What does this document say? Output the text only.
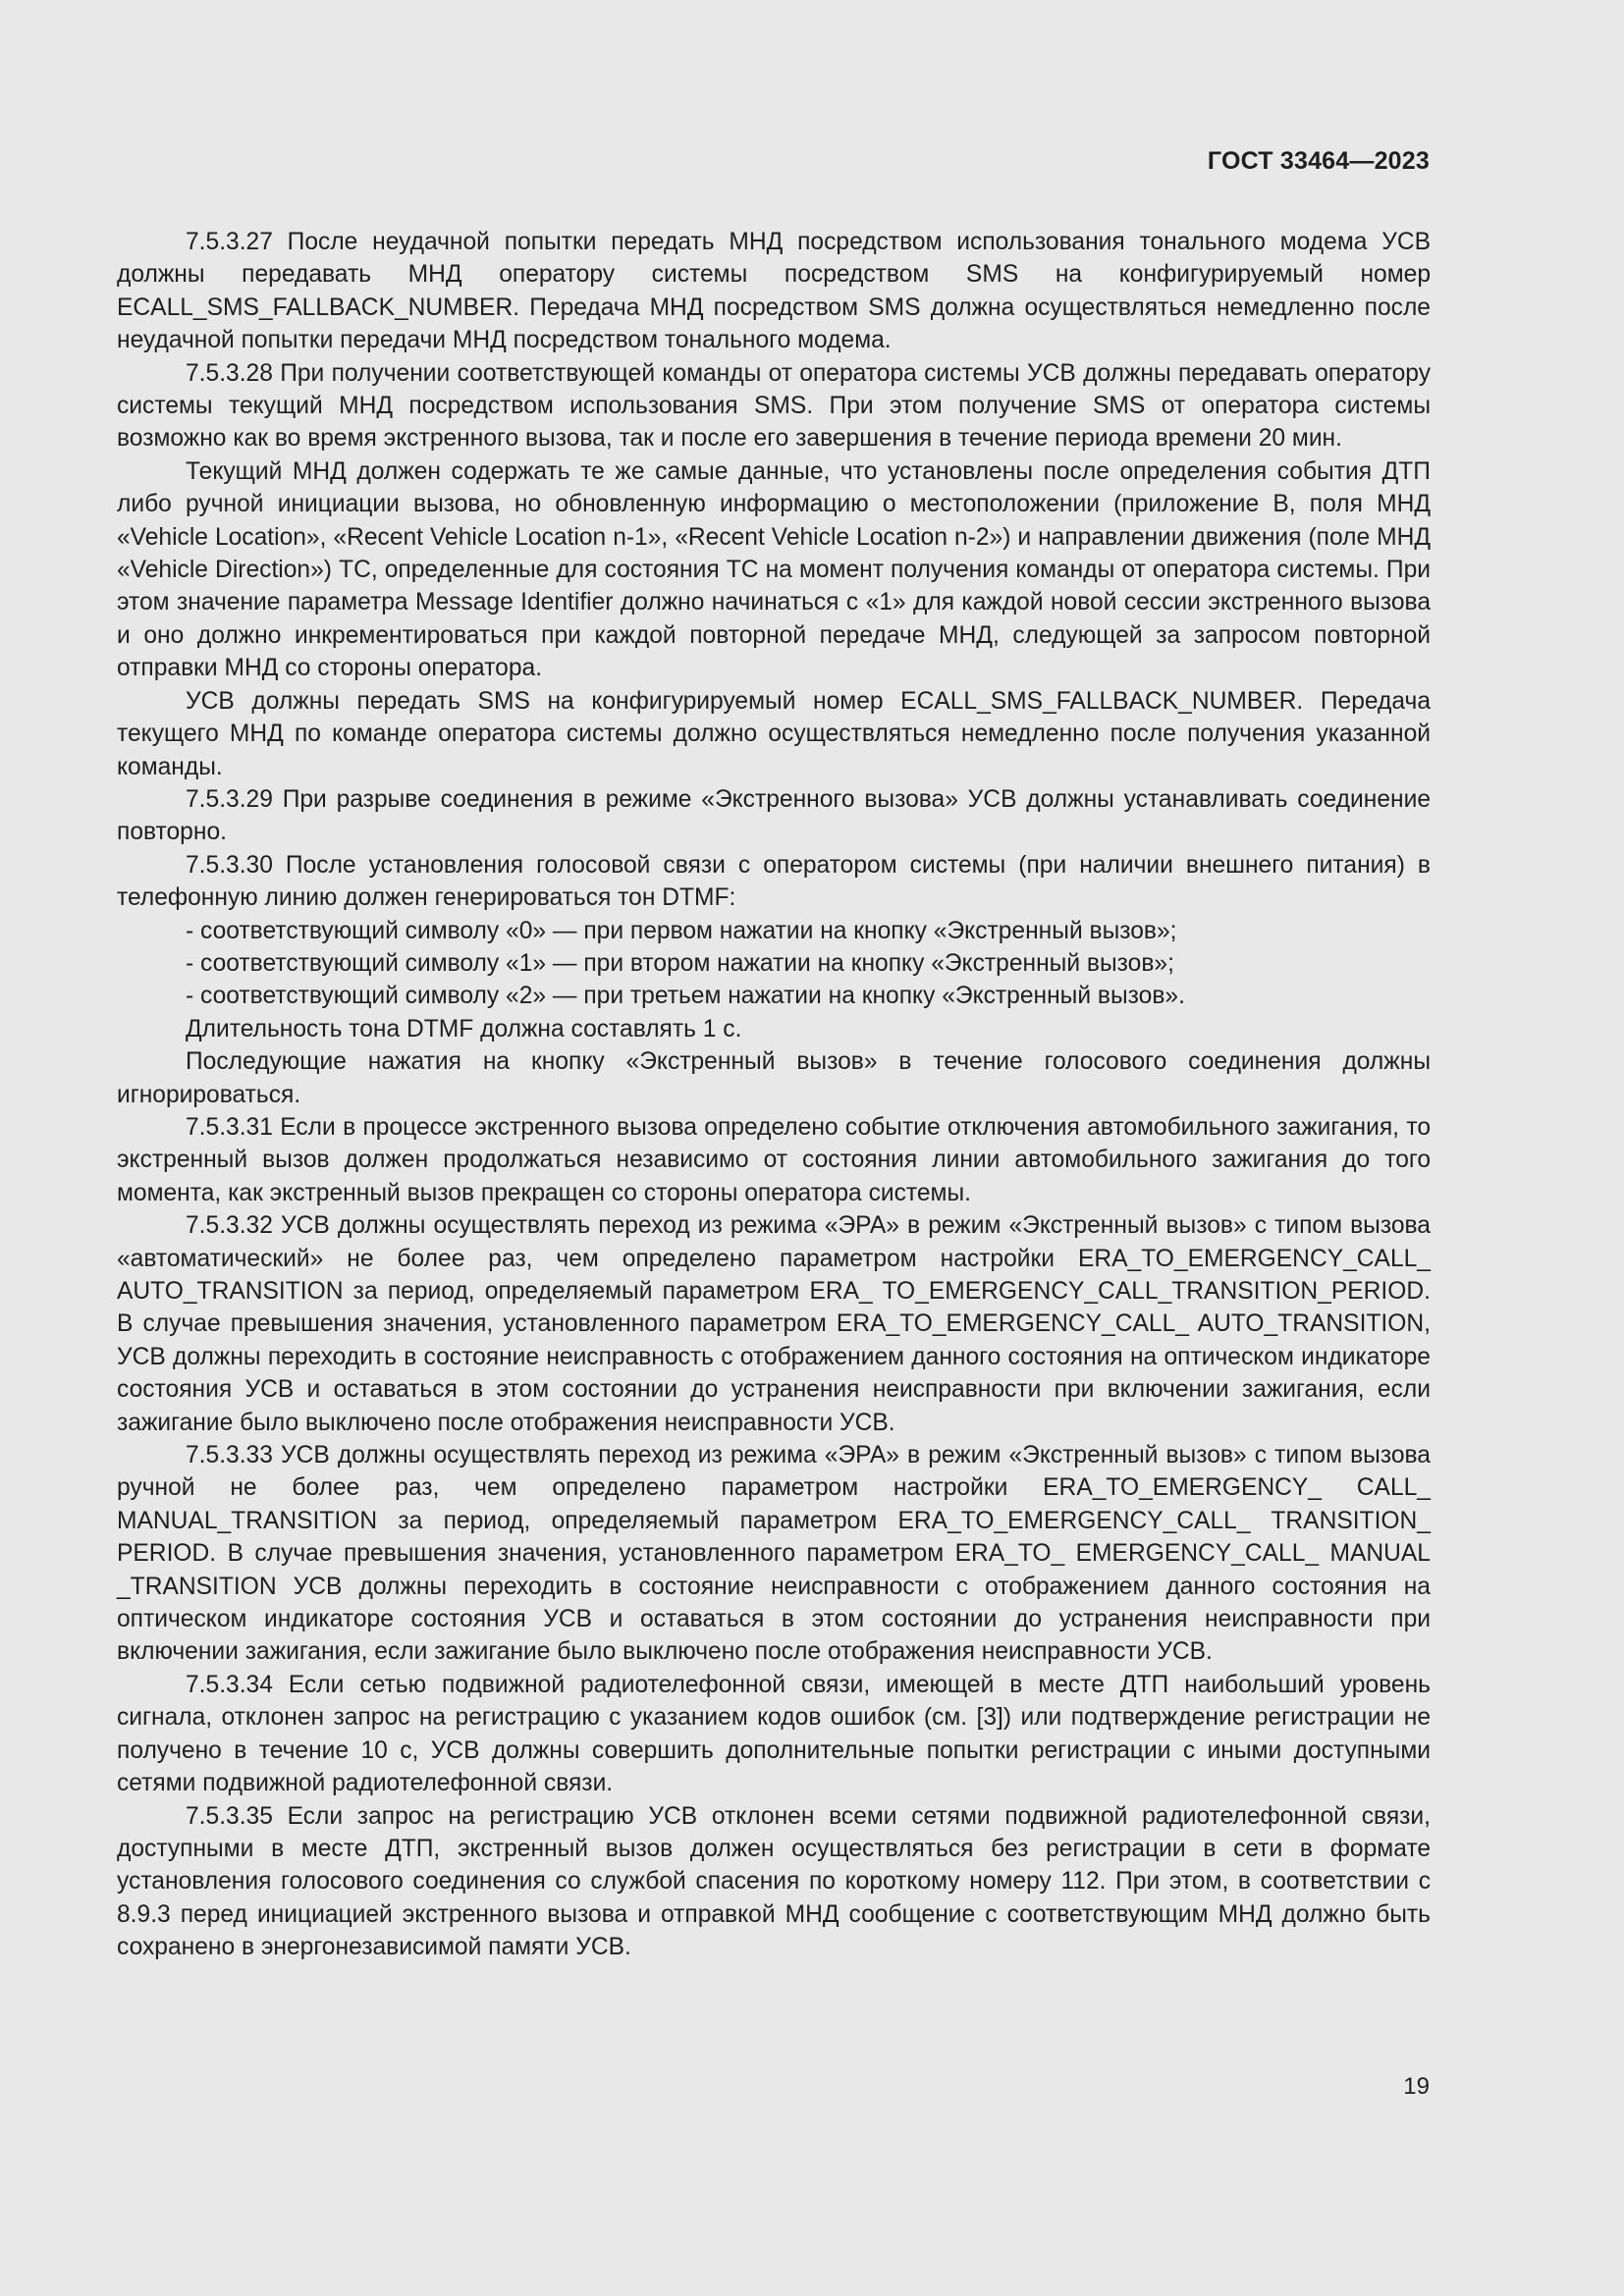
ГОСТ 33464—2023

7.5.3.27 После неудачной попытки передать МНД посредством использования тонального модема УСВ должны передавать МНД оператору системы посредством SMS на конфигурируемый номер ECALL_SMS_FALLBACK_NUMBER. Передача МНД посредством SMS должна осуществляться немедленно после неудачной попытки передачи МНД посредством тонального модема.

7.5.3.28 При получении соответствующей команды от оператора системы УСВ должны передавать оператору системы текущий МНД посредством использования SMS. При этом получение SMS от оператора системы возможно как во время экстренного вызова, так и после его завершения в течение периода времени 20 мин.

Текущий МНД должен содержать те же самые данные, что установлены после определения события ДТП либо ручной инициации вызова, но обновленную информацию о местоположении (приложение В, поля МНД «Vehicle Location», «Recent Vehicle Location n-1», «Recent Vehicle Location n-2») и направлении движения (поле МНД «Vehicle Direction») ТС, определенные для состояния ТС на момент получения команды от оператора системы. При этом значение параметра Message Identifier должно начинаться с «1» для каждой новой сессии экстренного вызова и оно должно инкрементироваться при каждой повторной передаче МНД, следующей за запросом повторной отправки МНД со стороны оператора.

УСВ должны передать SMS на конфигурируемый номер ECALL_SMS_FALLBACK_NUMBER. Передача текущего МНД по команде оператора системы должно осуществляться немедленно после получения указанной команды.

7.5.3.29 При разрыве соединения в режиме «Экстренного вызова» УСВ должны устанавливать соединение повторно.

7.5.3.30 После установления голосовой связи с оператором системы (при наличии внешнего питания) в телефонную линию должен генерироваться тон DTMF:

- соответствующий символу «0» — при первом нажатии на кнопку «Экстренный вызов»;

- соответствующий символу «1» — при втором нажатии на кнопку «Экстренный вызов»;

- соответствующий символу «2» — при третьем нажатии на кнопку «Экстренный вызов».

Длительность тона DTMF должна составлять 1 с.

Последующие нажатия на кнопку «Экстренный вызов» в течение голосового соединения должны игнорироваться.

7.5.3.31 Если в процессе экстренного вызова определено событие отключения автомобильного зажигания, то экстренный вызов должен продолжаться независимо от состояния линии автомобильного зажигания до того момента, как экстренный вызов прекращен со стороны оператора системы.

7.5.3.32 УСВ должны осуществлять переход из режима «ЭРА» в режим «Экстренный вызов» с типом вызова «автоматический» не более раз, чем определено параметром настройки ERA_TO_EMERGENCY_CALL_ AUTO_TRANSITION за период, определяемый параметром ERA_ TO_EMERGENCY_CALL_TRANSITION_PERIOD. В случае превышения значения, установленного параметром ERA_TO_EMERGENCY_CALL_ AUTO_TRANSITION, УСВ должны переходить в состояние неисправность с отображением данного состояния на оптическом индикаторе состояния УСВ и оставаться в этом состоянии до устранения неисправности при включении зажигания, если зажигание было выключено после отображения неисправности УСВ.

7.5.3.33 УСВ должны осуществлять переход из режима «ЭРА» в режим «Экстренный вызов» с типом вызова ручной не более раз, чем определено параметром настройки ERA_TO_EMERGENCY_ CALL_ MANUAL_TRANSITION за период, определяемый параметром ERA_TO_EMERGENCY_CALL_ TRANSITION_ PERIOD. В случае превышения значения, установленного параметром ERA_TO_ EMERGENCY_CALL_ MANUAL _TRANSITION УСВ должны переходить в состояние неисправности с отображением данного состояния на оптическом индикаторе состояния УСВ и оставаться в этом состоянии до устранения неисправности при включении зажигания, если зажигание было выключено после отображения неисправности УСВ.

7.5.3.34 Если сетью подвижной радиотелефонной связи, имеющей в месте ДТП наибольший уровень сигнала, отклонен запрос на регистрацию с указанием кодов ошибок (см. [3]) или подтверждение регистрации не получено в течение 10 с, УСВ должны совершить дополнительные попытки регистрации с иными доступными сетями подвижной радиотелефонной связи.

7.5.3.35 Если запрос на регистрацию УСВ отклонен всеми сетями подвижной радиотелефонной связи, доступными в месте ДТП, экстренный вызов должен осуществляться без регистрации в сети в формате установления голосового соединения со службой спасения по короткому номеру 112. При этом, в соответствии с 8.9.3 перед инициацией экстренного вызова и отправкой МНД сообщение с соответствующим МНД должно быть сохранено в энергонезависимой памяти УСВ.

19
